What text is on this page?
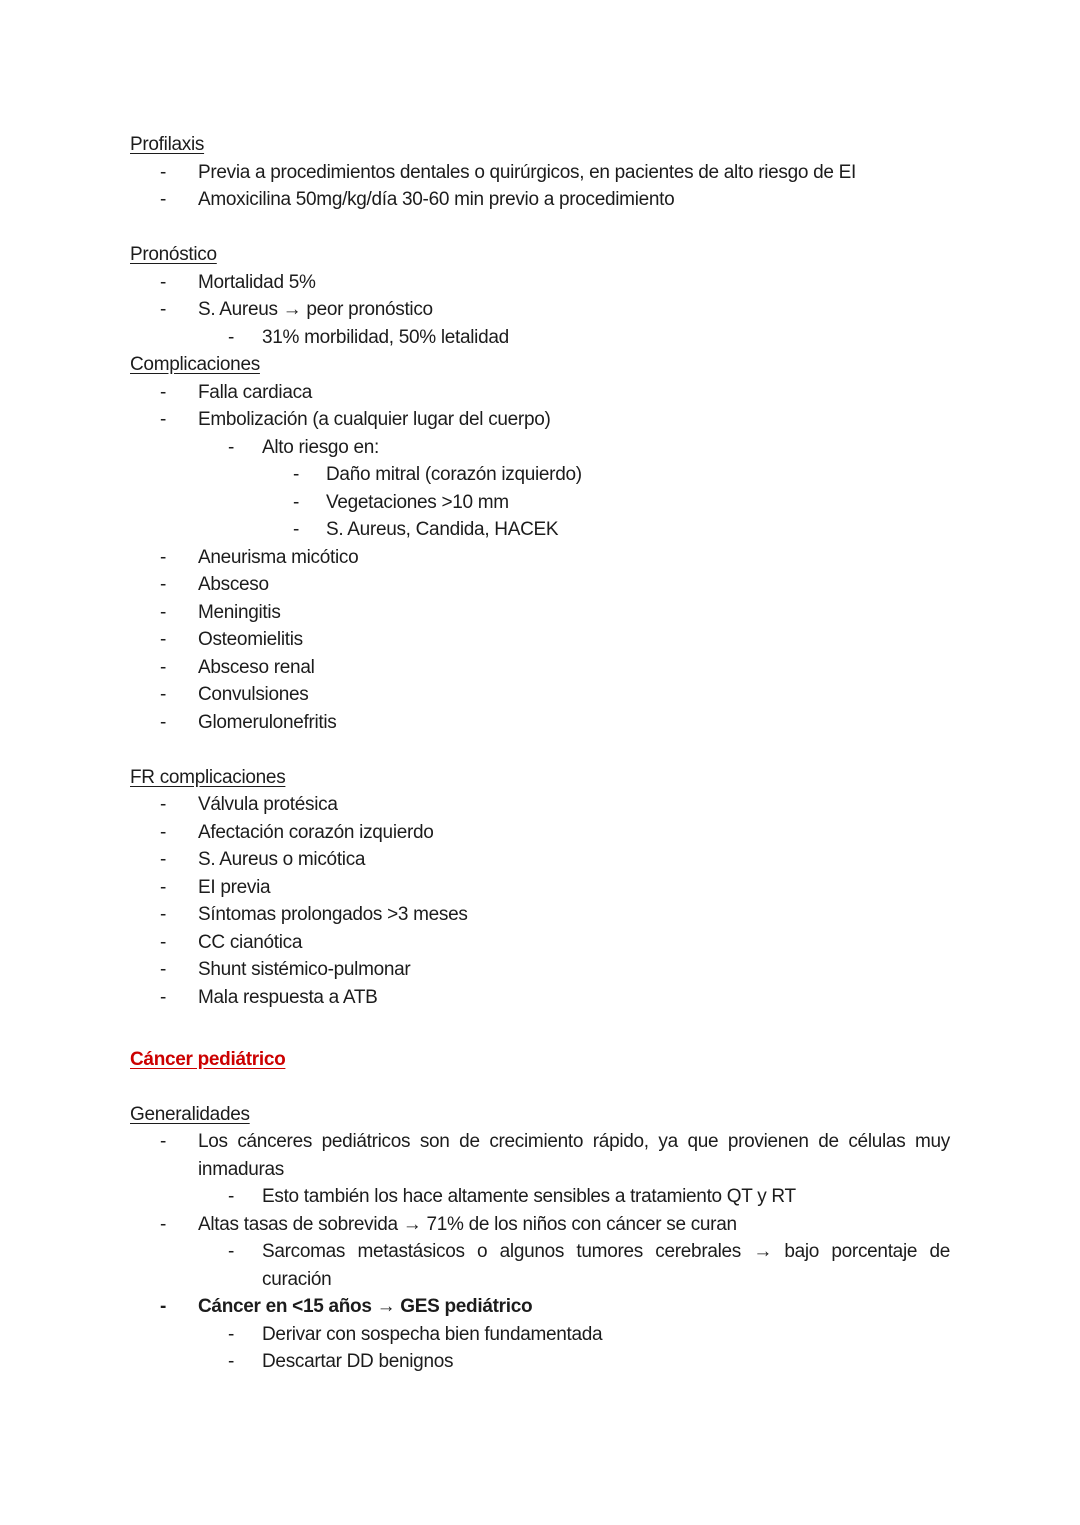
Profilaxis
-	Previa a procedimientos dentales o quirúrgicos, en pacientes de alto riesgo de EI
-	Amoxicilina 50mg/kg/día 30-60 min previo a procedimiento
Pronóstico
-	Mortalidad 5%
-	S. Aureus → peor pronóstico
-	31% morbilidad, 50% letalidad
Complicaciones
-	Falla cardiaca
-	Embolización (a cualquier lugar del cuerpo)
-	Alto riesgo en:
-	Daño mitral (corazón izquierdo)
-	Vegetaciones >10 mm
-	S. Aureus, Candida, HACEK
-	Aneurisma micótico
-	Absceso
-	Meningitis
-	Osteomielitis
-	Absceso renal
-	Convulsiones
-	Glomerulonefritis
FR complicaciones
-	Válvula protésica
-	Afectación corazón izquierdo
-	S. Aureus o micótica
-	EI previa
-	Síntomas prolongados >3 meses
-	CC cianótica
-	Shunt sistémico-pulmonar
-	Mala respuesta a ATB
Cáncer pediátrico
Generalidades
-	Los cánceres pediátricos son de crecimiento rápido, ya que provienen de células muy inmaduras
-	Esto también los hace altamente sensibles a tratamiento QT y RT
-	Altas tasas de sobrevida → 71% de los niños con cáncer se curan
-	Sarcomas metastásicos o algunos tumores cerebrales → bajo porcentaje de curación
-	Cáncer en <15 años → GES pediátrico
-	Derivar con sospecha bien fundamentada
-	Descartar DD benignos
